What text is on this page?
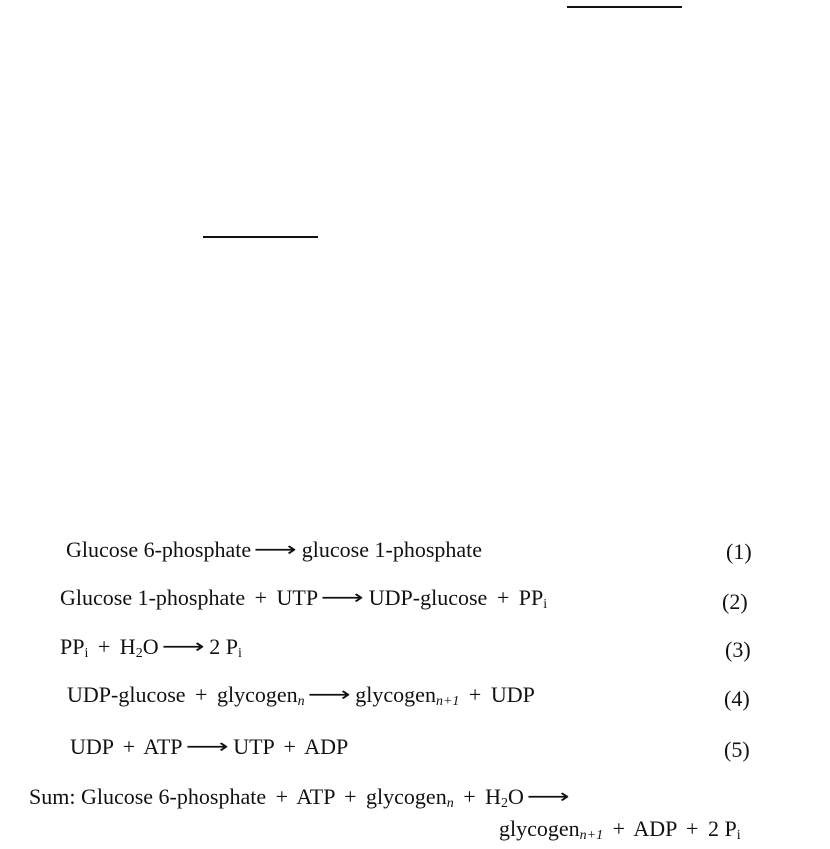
Glucose 6-phosphate ⟶ glucose 1-phosphate	(1)
Glucose 1-phosphate + UTP ⟶ $UDP-glucose + PP_i$	(2)
$PP_i + H_2O$ ⟶ 2 $P_i$	(3)
UDP-glucose + glycogen$_n$ ⟶ glycogen$_{n+1}$ + UDP	(4)
UDP + ATP ⟶ UTP + ADP	(5)
Sum: Glucose 6-phosphate + ATP + glycogen$_n$ + $H_2O$ ⟶
glycogen$_{n+1}$ + ADP + 2 $P_i$
